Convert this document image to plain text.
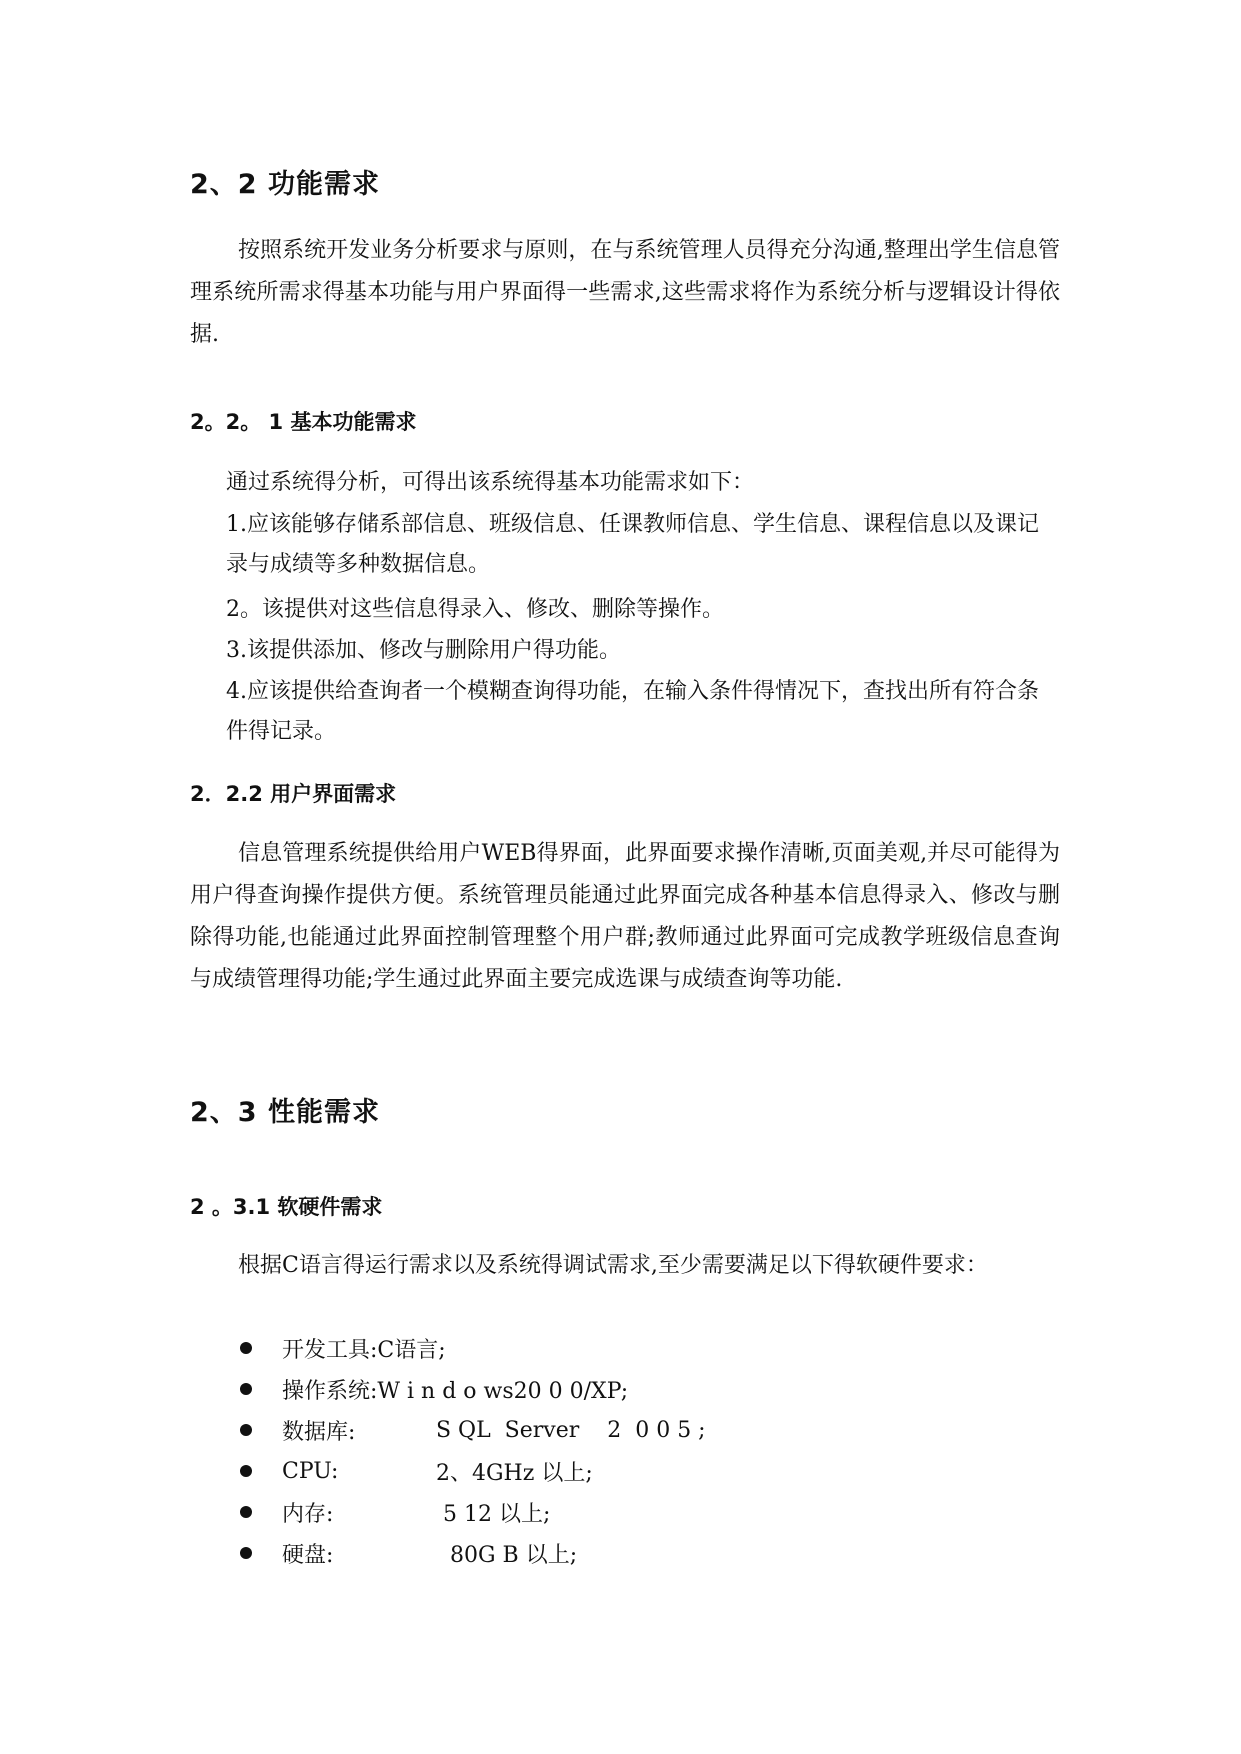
2、2 功能需求

按照系统开发业务分析要求与原则，在与系统管理人员得充分沟通,整理出学生信息管理系统所需求得基本功能与用户界面得一些需求,这些需求将作为系统分析与逻辑设计得依据.

2。2。 1 基本功能需求

通过系统得分析，可得出该系统得基本功能需求如下：

1.应该能够存储系部信息、班级信息、任课教师信息、学生信息、课程信息以及课记录与成绩等多种数据信息。

2。该提供对这些信息得录入、修改、删除等操作。

3.该提供添加、修改与删除用户得功能。

4.应该提供给查询者一个模糊查询得功能，在输入条件得情况下，查找出所有符合条件得记录。

2．2.2 用户界面需求

信息管理系统提供给用户WEB得界面，此界面要求操作清晰,页面美观,并尽可能得为用户得查询操作提供方便。系统管理员能通过此界面完成各种基本信息得录入、修改与删除得功能,也能通过此界面控制管理整个用户群;教师通过此界面可完成教学班级信息查询与成绩管理得功能;学生通过此界面主要完成选课与成绩查询等功能.

2、3 性能需求
2 。3.1 软硬件需求

根据C语言得运行需求以及系统得调试需求,至少需要满足以下得软硬件要求：

开发工具:C语言;
操作系统:W i n d o ws20 0 0/XP;
数据库:	S QL  Server    2  0 0 5 ;
CPU:	2、4GHz 以上;
内存:	5 12 以上;
硬盘:	80G B 以上;
